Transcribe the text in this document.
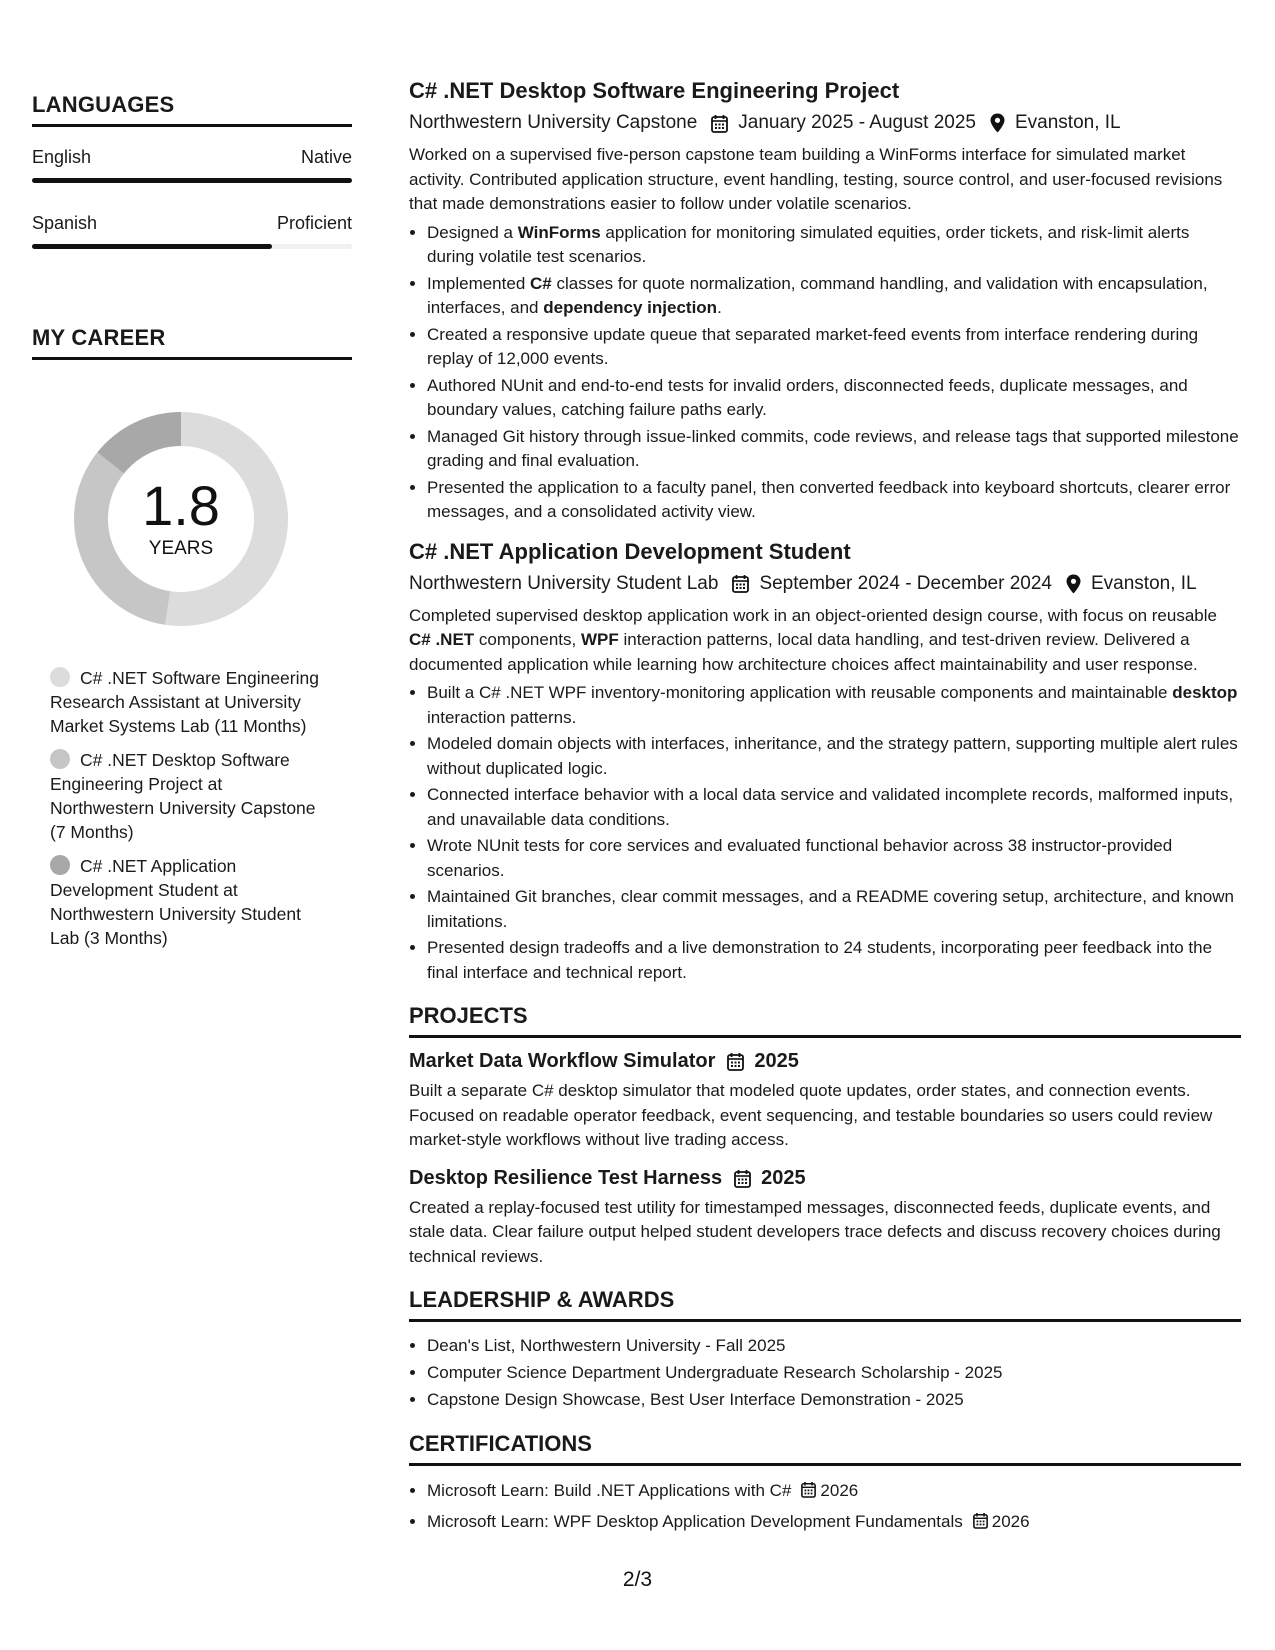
LANGUAGES
English	Native
Spanish	Proficient
MY CAREER
1.8
YEARS
C# .NET Software Engineering Research Assistant at University Market Systems Lab (11 Months)
C# .NET Desktop Software Engineering Project at Northwestern University Capstone (7 Months)
C# .NET Application Development Student at Northwestern University Student Lab (3 Months)
C# .NET Desktop Software Engineering Project
Northwestern University Capstone January 2025 - August 2025 Evanston, IL
Worked on a supervised five-person capstone team building a WinForms interface for simulated market activity. Contributed application structure, event handling, testing, source control, and user-focused revisions that made demonstrations easier to follow under volatile scenarios.
• Designed a WinForms application for monitoring simulated equities, order tickets, and risk-limit alerts during volatile test scenarios.
• Implemented C# classes for quote normalization, command handling, and validation with encapsulation, interfaces, and dependency injection.
• Created a responsive update queue that separated market-feed events from interface rendering during replay of 12,000 events.
• Authored NUnit and end-to-end tests for invalid orders, disconnected feeds, duplicate messages, and boundary values, catching failure paths early.
• Managed Git history through issue-linked commits, code reviews, and release tags that supported milestone grading and final evaluation.
• Presented the application to a faculty panel, then converted feedback into keyboard shortcuts, clearer error messages, and a consolidated activity view.
C# .NET Application Development Student
Northwestern University Student Lab September 2024 - December 2024 Evanston, IL
Completed supervised desktop application work in an object-oriented design course, with focus on reusable C# .NET components, WPF interaction patterns, local data handling, and test-driven review. Delivered a documented application while learning how architecture choices affect maintainability and user response.
• Built a C# .NET WPF inventory-monitoring application with reusable components and maintainable desktop interaction patterns.
• Modeled domain objects with interfaces, inheritance, and the strategy pattern, supporting multiple alert rules without duplicated logic.
• Connected interface behavior with a local data service and validated incomplete records, malformed inputs, and unavailable data conditions.
• Wrote NUnit tests for core services and evaluated functional behavior across 38 instructor-provided scenarios.
• Maintained Git branches, clear commit messages, and a README covering setup, architecture, and known limitations.
• Presented design tradeoffs and a live demonstration to 24 students, incorporating peer feedback into the final interface and technical report.
PROJECTS
Market Data Workflow Simulator 2025
Built a separate C# desktop simulator that modeled quote updates, order states, and connection events. Focused on readable operator feedback, event sequencing, and testable boundaries so users could review market-style workflows without live trading access.
Desktop Resilience Test Harness 2025
Created a replay-focused test utility for timestamped messages, disconnected feeds, duplicate events, and stale data. Clear failure output helped student developers trace defects and discuss recovery choices during technical reviews.
LEADERSHIP & AWARDS
• Dean's List, Northwestern University - Fall 2025
• Computer Science Department Undergraduate Research Scholarship - 2025
• Capstone Design Showcase, Best User Interface Demonstration - 2025
CERTIFICATIONS
• Microsoft Learn: Build .NET Applications with C# 2026
• Microsoft Learn: WPF Desktop Application Development Fundamentals 2026
2/3
